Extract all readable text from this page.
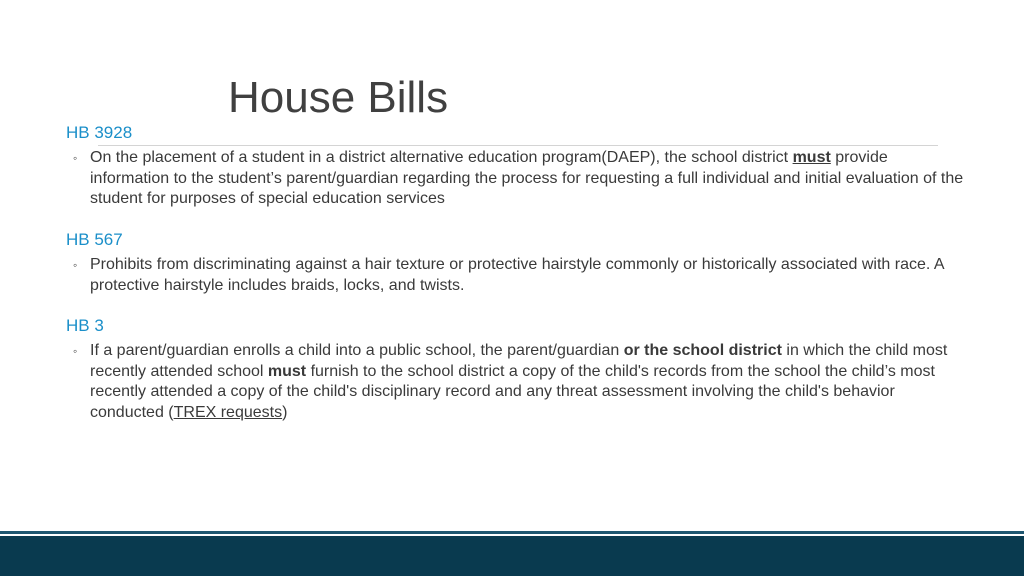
House Bills
HB 3928
◦ On the placement of a student in a district alternative education program(DAEP), the school district must provide information to the student’s parent/guardian regarding the process for requesting a full individual and initial evaluation of the student for purposes of special education services
HB 567
◦ Prohibits from discriminating against a hair texture or protective hairstyle commonly or historically associated with race. A protective hairstyle includes braids, locks, and twists.
HB 3
◦ If a parent/guardian enrolls a child into a public school, the parent/guardian or the school district in which the child most recently attended school must furnish to the school district a copy of the child's records from the school the child’s most recently attended a copy of the child's disciplinary record and any threat assessment involving the child's behavior conducted (TREX requests)
